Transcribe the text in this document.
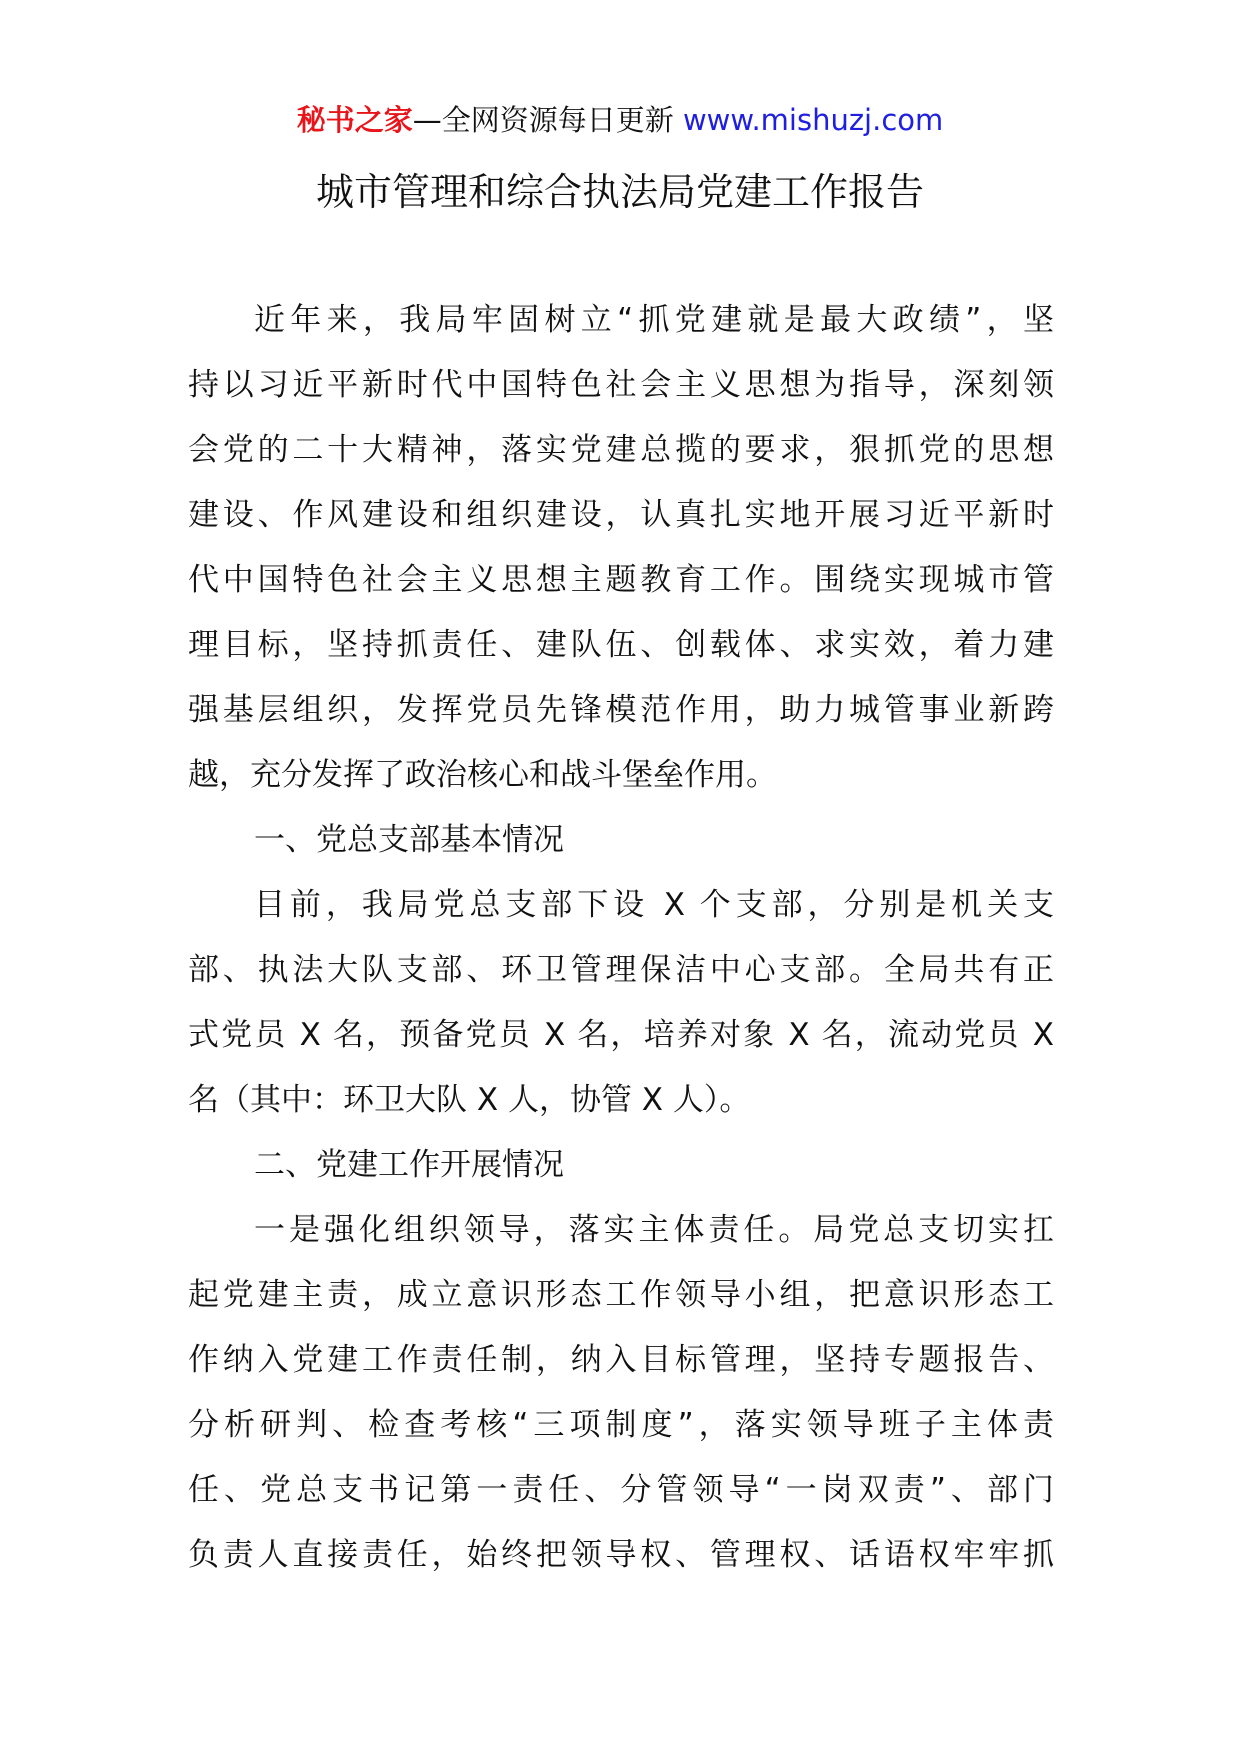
秘书之家—全网资源每日更新 www.mishuzj.com
城市管理和综合执法局党建工作报告
近年来，我局牢固树立“抓党建就是最大政绩”，坚
持以习近平新时代中国特色社会主义思想为指导，深刻领
会党的二十大精神，落实党建总揽的要求，狠抓党的思想
建设、作风建设和组织建设，认真扎实地开展习近平新时
代中国特色社会主义思想主题教育工作。围绕实现城市管
理目标，坚持抓责任、建队伍、创载体、求实效，着力建
强基层组织，发挥党员先锋模范作用，助力城管事业新跨
越，充分发挥了政治核心和战斗堡垒作用。
一、党总支部基本情况
目前，我局党总支部下设 X 个支部，分别是机关支
部、执法大队支部、环卫管理保洁中心支部。全局共有正
式党员 X 名，预备党员 X 名，培养对象 X 名，流动党员 X
名（其中：环卫大队 X 人，协管 X 人）。
二、党建工作开展情况
一是强化组织领导，落实主体责任。局党总支切实扛
起党建主责，成立意识形态工作领导小组，把意识形态工
作纳入党建工作责任制，纳入目标管理，坚持专题报告、
分析研判、检查考核“三项制度”，落实领导班子主体责
任、党总支书记第一责任、分管领导“一岗双责”、部门
负责人直接责任，始终把领导权、管理权、话语权牢牢抓
